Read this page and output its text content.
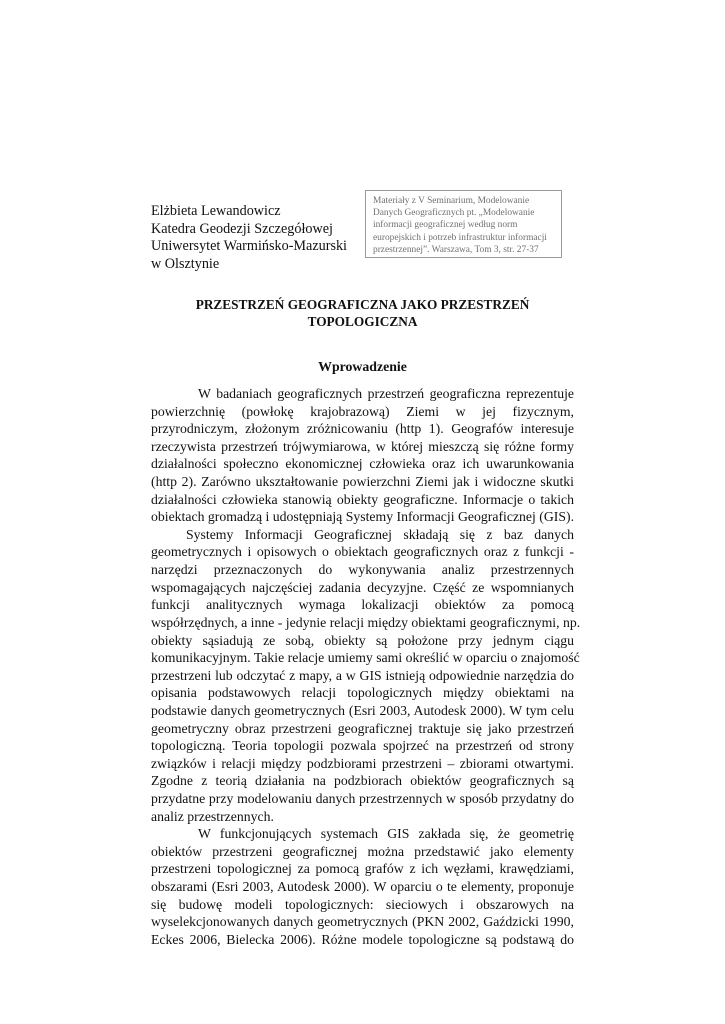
Elżbieta Lewandowicz
Katedra Geodezji Szczegółowej
Uniwersytet Warmińsko-Mazurski
w Olsztynie
Materiały z V Seminarium, Modelowanie
Danych Geograficznych pt. „Modelowanie
informacji geograficznej według norm
europejskich i potrzeb infrastruktur informacji
przestrzennej”. Warszawa, Tom 3, str. 27-37
PRZESTRZEŃ GEOGRAFICZNA JAKO PRZESTRZEŃ
TOPOLOGICZNA
Wprowadzenie
W badaniach geograficznych przestrzeń geograficzna reprezentuje
powierzchnię (powłokę krajobrazową) Ziemi w jej fizycznym,
przyrodniczym, złożonym zróżnicowaniu (http 1). Geografów interesuje
rzeczywista przestrzeń trójwymiarowa, w której mieszczą się różne formy
działalności społeczno ekonomicznej człowieka oraz ich uwarunkowania
(http 2). Zarówno ukształtowanie powierzchni Ziemi jak i widoczne skutki
działalności człowieka stanowią obiekty geograficzne. Informacje o takich
obiektach gromadzą i udostępniają Systemy Informacji Geograficznej (GIS).
Systemy Informacji Geograficznej składają się z baz danych
geometrycznych i opisowych o obiektach geograficznych oraz z funkcji -
narzędzi przeznaczonych do wykonywania analiz przestrzennych
wspomagających najczęściej zadania decyzyjne. Część ze wspomnianych
funkcji analitycznych wymaga lokalizacji obiektów za pomocą
współrzędnych, a inne - jedynie relacji między obiektami geograficznymi, np.
obiekty sąsiadują ze sobą, obiekty są położone przy jednym ciągu
komunikacyjnym. Takie relacje umiemy sami określić w oparciu o znajomość
przestrzeni lub odczytać z mapy, a w GIS istnieją odpowiednie narzędzia do
opisania podstawowych relacji topologicznych między obiektami na
podstawie danych geometrycznych (Esri 2003, Autodesk 2000). W tym celu
geometryczny obraz przestrzeni geograficznej traktuje się jako przestrzeń
topologiczną. Teoria topologii pozwala spojrzeć na przestrzeń od strony
związków i relacji między podzbiorami przestrzeni – zbiorami otwartymi.
Zgodne z teorią działania na podzbiorach obiektów geograficznych są
przydatne przy modelowaniu danych przestrzennych w sposób przydatny do
analiz przestrzennych.
W funkcjonujących systemach GIS zakłada się, że geometrię
obiektów przestrzeni geograficznej można przedstawić jako elementy
przestrzeni topologicznej za pomocą grafów z ich węzłami, krawędziami,
obszarami (Esri 2003, Autodesk 2000). W oparciu o te elementy, proponuje
się budowę modeli topologicznych: sieciowych i obszarowych na
wyselekcjonowanych danych geometrycznych (PKN 2002, Gaździcki 1990,
Eckes 2006, Bielecka 2006). Różne modele topologiczne są podstawą do
